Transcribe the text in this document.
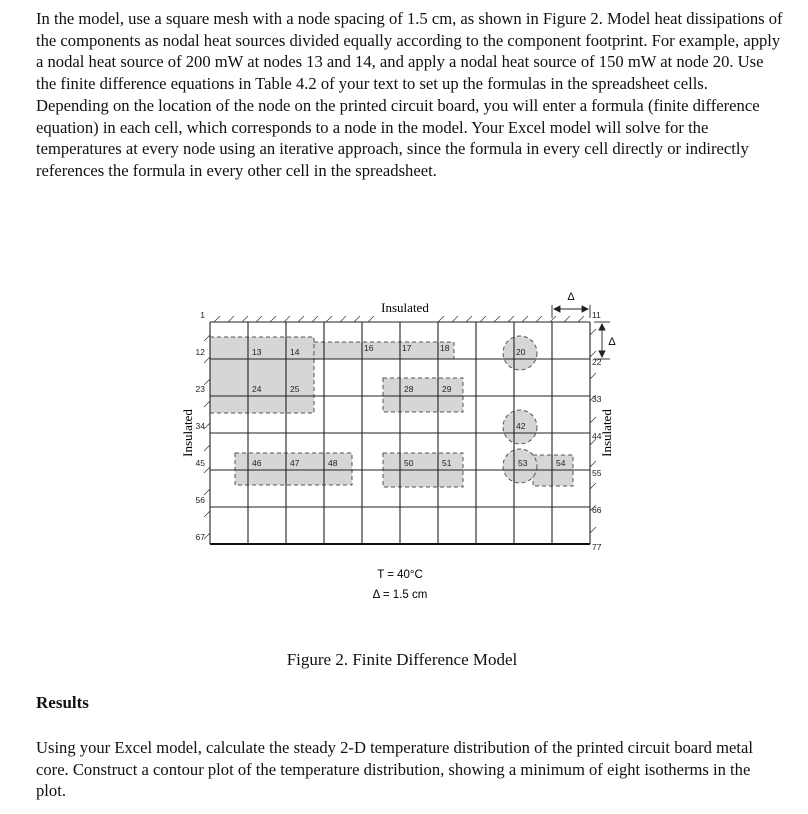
In the model, use a square mesh with a node spacing of 1.5 cm, as shown in Figure 2. Model heat dissipations of the components as nodal heat sources divided equally according to the component footprint. For example, apply a nodal heat source of 200 mW at nodes 13 and 14, and apply a nodal heat source of 150 mW at node 20. Use the finite difference equations in Table 4.2 of your text to set up the formulas in the spreadsheet cells. Depending on the location of the node on the printed circuit board, you will enter a formula (finite difference equation) in each cell, which corresponds to a node in the model. Your Excel model will solve for the temperatures at every node using an iterative approach, since the formula in every cell directly or indirectly references the formula in every other cell in the spreadsheet.
Δ
Δ
Insulated
Insulated	Insulated
1	11
12	13	14	16	17	18	20
22
23	24	25	28	29
33
34	42
44
45	46	47	48	50	51	53	54
55
56
66
67
77
T = 40°C
Δ = 1.5 cm
Figure 2. Finite Difference Model
Results
Using your Excel model, calculate the steady 2-D temperature distribution of the printed circuit board metal core. Construct a contour plot of the temperature distribution, showing a minimum of eight isotherms in the plot.
